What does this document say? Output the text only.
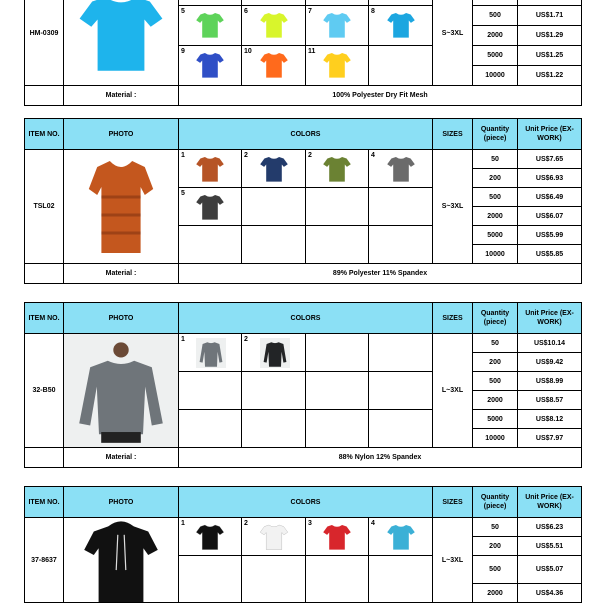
HM-0309						S~3XL		

		5	6	7	8		500	US$1.71
							2000	US$1.29

		9	10	11			5000	US$1.25
							10000	US$1.22
	Material :	100% Polyester Dry Fit Mesh						
ITEM NO.	PHOTO	COLORS				SIZES	Quantity (piece)	Unit Price (EX-WORK)
TSL02		1	2	2	4	S~3XL	50	US$7.65
							200	US$6.93

		5					500	US$6.49
							2000	US$6.07
							5000	US$5.99
							10000	US$5.85
	Material :	89% Polyester 11% Spandex						
ITEM NO.	PHOTO	COLORS				SIZES	Quantity (piece)	Unit Price (EX-WORK)
32-B50		1	2			L~3XL	50	US$10.14
							200	US$9.42
							500	US$8.99
							2000	US$8.57
							5000	US$8.12
							10000	US$7.97
	Material :	88% Nylon 12% Spandex						
ITEM NO.	PHOTO	COLORS				SIZES	Quantity (piece)	Unit Price (EX-WORK)
37-8637		1	2	3	4	L~3XL	50	US$6.23
							200	US$5.51
							500	US$5.07
							2000	US$4.36
